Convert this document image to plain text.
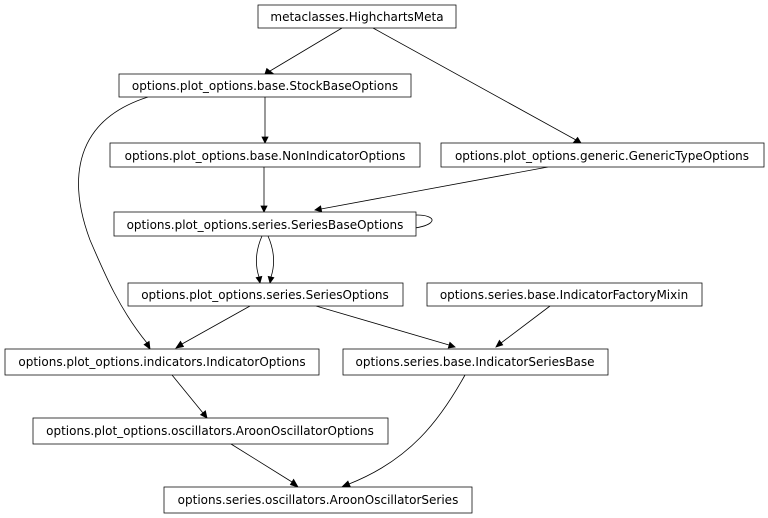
metaclasses.HighchartsMeta
options.plot_options.base.StockBaseOptions
options.plot_options.base.NonIndicatorOptions	options.plot_options.generic.GenericTypeOptions
options.plot_options.series.SeriesBaseOptions
options.plot_options.series.SeriesOptions	options.series.base.IndicatorFactoryMixin
options.plot_options.indicators.IndicatorOptions	options.series.base.IndicatorSeriesBase
options.plot_options.oscillators.AroonOscillatorOptions
options.series.oscillators.AroonOscillatorSeries
